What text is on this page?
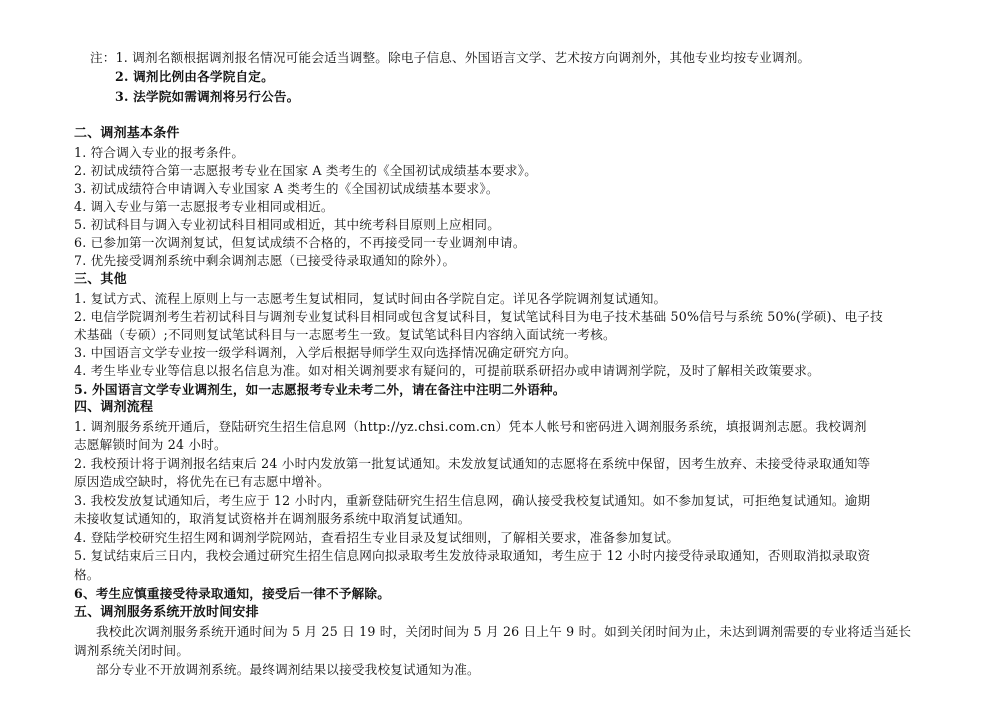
注：1. 调剂名额根据调剂报名情况可能会适当调整。除电子信息、外国语言文学、艺术按方向调剂外，其他专业均按专业调剂。
2. 调剂比例由各学院自定。
3. 法学院如需调剂将另行公告。
二、调剂基本条件
1. 符合调入专业的报考条件。
2. 初试成绩符合第一志愿报考专业在国家 A 类考生的《全国初试成绩基本要求》。
3. 初试成绩符合申请调入专业国家 A 类考生的《全国初试成绩基本要求》。
4. 调入专业与第一志愿报考专业相同或相近。
5. 初试科目与调入专业初试科目相同或相近，其中统考科目原则上应相同。
6. 已参加第一次调剂复试，但复试成绩不合格的，不再接受同一专业调剂申请。
7. 优先接受调剂系统中剩余调剂志愿（已接受待录取通知的除外）。
三、其他
1. 复试方式、流程上原则上与一志愿考生复试相同，复试时间由各学院自定。详见各学院调剂复试通知。
2. 电信学院调剂考生若初试科目与调剂专业复试科目相同或包含复试科目，复试笔试科目为电子技术基础 50%信号与系统 50%(学硕)、电子技
术基础（专硕）;不同则复试笔试科目与一志愿考生一致。复试笔试科目内容纳入面试统一考核。
3. 中国语言文学专业按一级学科调剂，入学后根据导师学生双向选择情况确定研究方向。
4. 考生毕业专业等信息以报名信息为准。如对相关调剂要求有疑问的，可提前联系研招办或申请调剂学院，及时了解相关政策要求。
5. 外国语言文学专业调剂生，如一志愿报考专业未考二外，请在备注中注明二外语种。
四、调剂流程
1. 调剂服务系统开通后，登陆研究生招生信息网（http://yz.chsi.com.cn）凭本人帐号和密码进入调剂服务系统，填报调剂志愿。我校调剂
志愿解锁时间为 24 小时。
2. 我校预计将于调剂报名结束后 24 小时内发放第一批复试通知。未发放复试通知的志愿将在系统中保留，因考生放弃、未接受待录取通知等
原因造成空缺时，将优先在已有志愿中增补。
3. 我校发放复试通知后，考生应于 12 小时内，重新登陆研究生招生信息网，确认接受我校复试通知。如不参加复试，可拒绝复试通知。逾期
未接收复试通知的，取消复试资格并在调剂服务系统中取消复试通知。
4. 登陆学校研究生招生网和调剂学院网站，查看招生专业目录及复试细则，了解相关要求，准备参加复试。
5. 复试结束后三日内，我校会通过研究生招生信息网向拟录取考生发放待录取通知，考生应于 12 小时内接受待录取通知，否则取消拟录取资
格。
6、考生应慎重接受待录取通知，接受后一律不予解除。
五、调剂服务系统开放时间安排
我校此次调剂服务系统开通时间为 5 月 25 日 19 时，关闭时间为 5 月 26 日上午 9 时。如到关闭时间为止，未达到调剂需要的专业将适当延长
调剂系统关闭时间。
部分专业不开放调剂系统。最终调剂结果以接受我校复试通知为准。
